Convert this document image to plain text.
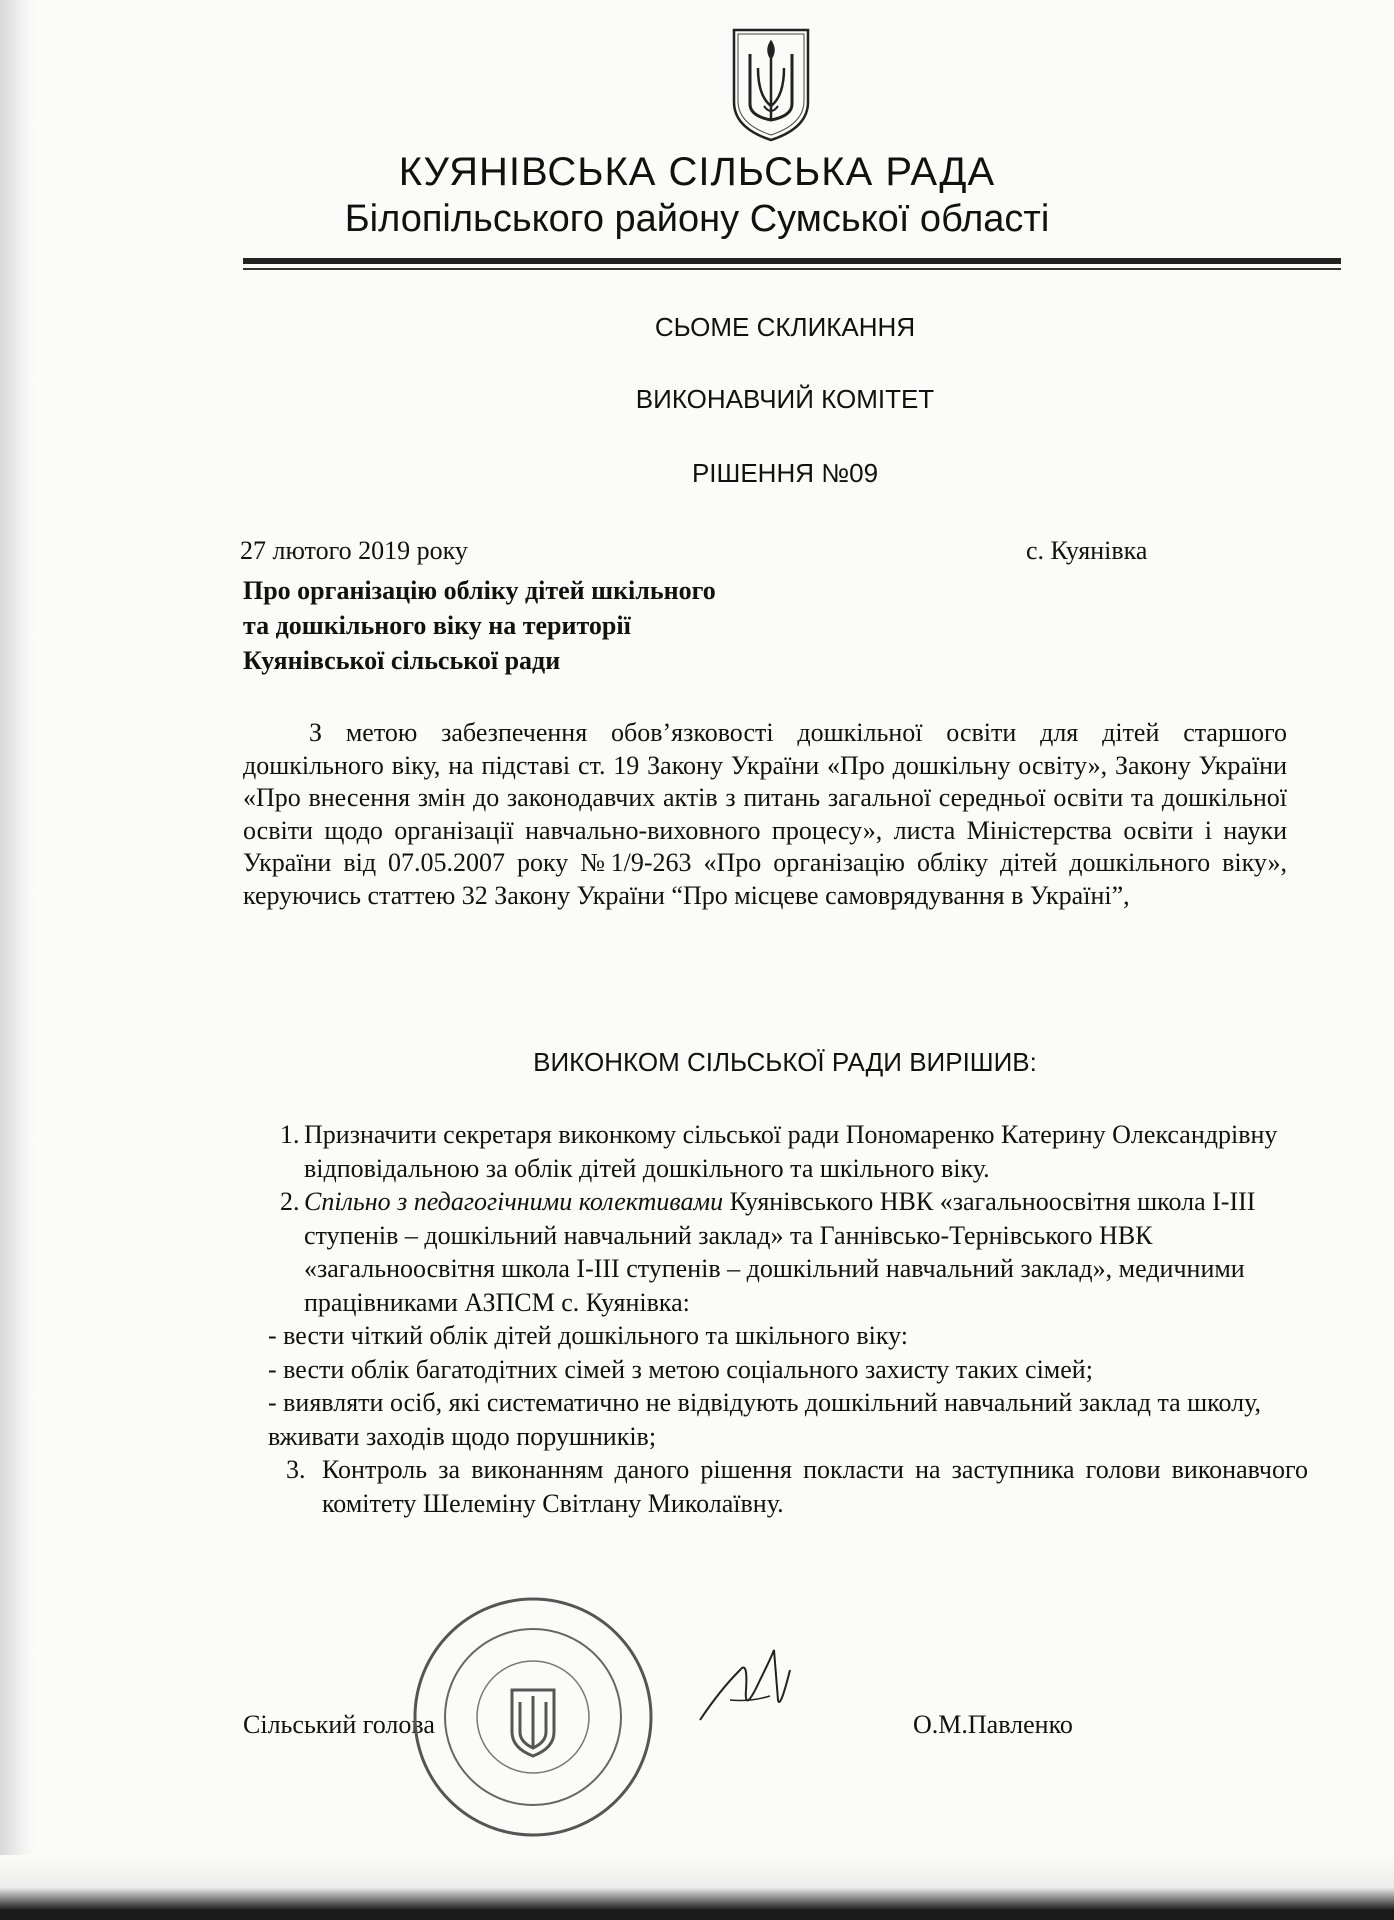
КУЯНІВСЬКА СІЛЬСЬКА РАДА
Білопільського району Сумської області
СЬОМЕ СКЛИКАННЯ
ВИКОНАВЧИЙ КОМІТЕТ
РІШЕННЯ №09
27 лютого 2019 року	с. Куянівка
Про організацію обліку дітей шкільного
та дошкільного віку на території
Куянівської сільської ради
З метою забезпечення обов’язковості дошкільної освіти для дітей старшого дошкільного віку, на підставі ст. 19 Закону України «Про дошкільну освіту», Закону України «Про внесення змін до законодавчих актів з питань загальної середньої освіти та дошкільної освіти щодо організації навчально-виховного процесу», листа Міністерства освіти і науки України від 07.05.2007 року №1/9-263 «Про організацію обліку дітей дошкільного віку», керуючись статтею 32 Закону України “Про місцеве самоврядування в Україні”,
ВИКОНКОМ СІЛЬСЬКОЇ РАДИ ВИРІШИВ:
1. Призначити секретаря виконкому сільської ради Пономаренко Катерину Олександрівну відповідальною за облік дітей дошкільного та шкільного віку.
2. Спільно з педагогічними колективами Куянівського НВК «загальноосвітня школа І-ІІІ ступенів – дошкільний навчальний заклад» та Ганнівсько-Тернівського НВК «загальноосвітня школа І-ІІІ ступенів – дошкільний навчальний заклад», медичними працівниками АЗПСМ с. Куянівка:
- вести чіткий облік дітей дошкільного та шкільного віку:
- вести облік багатодітних сімей з метою соціального захисту таких сімей;
- виявляти осіб, які систематично не відвідують дошкільний навчальний заклад та школу, вживати заходів щодо порушників;
3. Контроль за виконанням даного рішення покласти на заступника голови виконавчого комітету Шелеміну Світлану Миколаївну.
Сільський голова	О.М.Павленко
